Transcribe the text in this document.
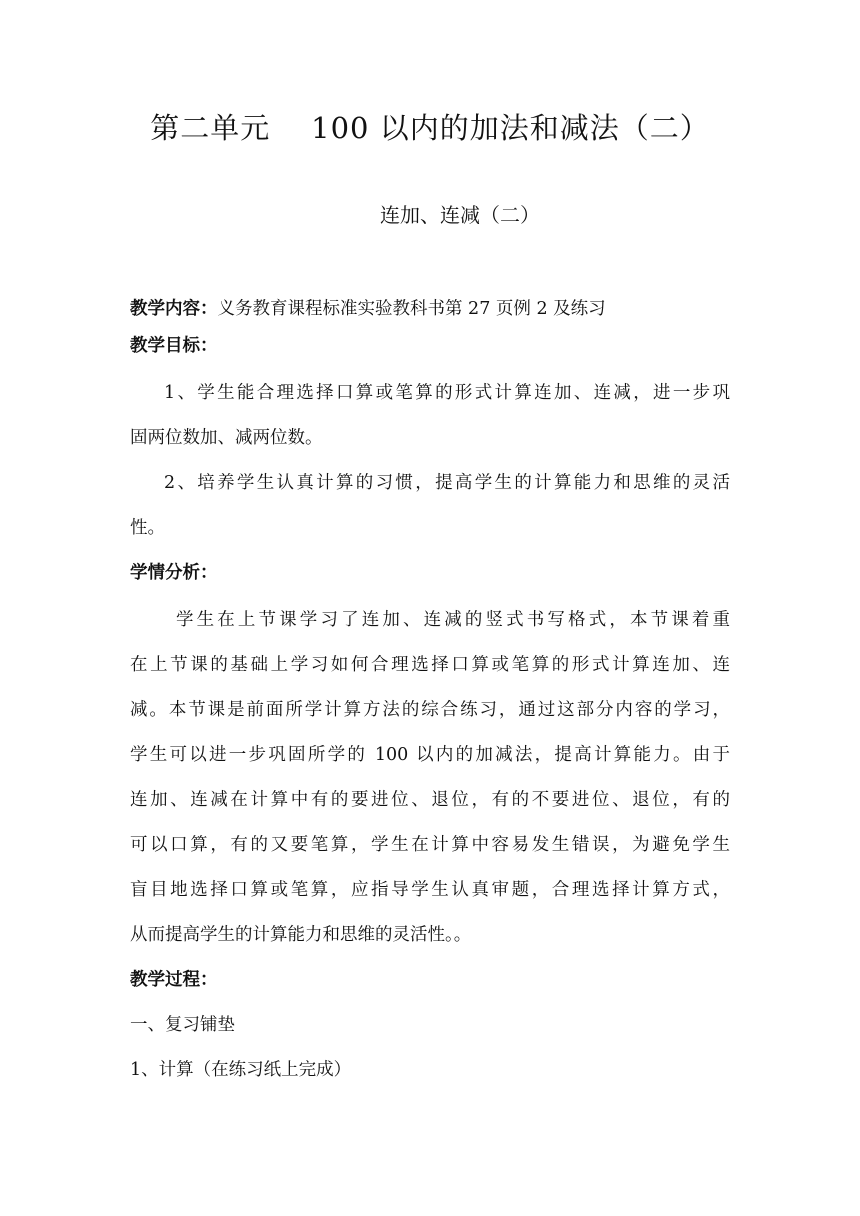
第二单元    100 以内的加法和减法（二）
连加、连减（二）
教学内容：义务教育课程标准实验教科书第 27 页例 2 及练习
教学目标：
1、学生能合理选择口算或笔算的形式计算连加、连减，进一步巩
固两位数加、减两位数。
2、培养学生认真计算的习惯，提高学生的计算能力和思维的灵活
性。
学情分析：
学生在上节课学习了连加、连减的竖式书写格式，本节课着重
在上节课的基础上学习如何合理选择口算或笔算的形式计算连加、连
减。本节课是前面所学计算方法的综合练习，通过这部分内容的学习，
学生可以进一步巩固所学的 100 以内的加减法，提高计算能力。由于
连加、连减在计算中有的要进位、退位，有的不要进位、退位，有的
可以口算，有的又要笔算，学生在计算中容易发生错误，为避免学生
盲目地选择口算或笔算，应指导学生认真审题，合理选择计算方式，
从而提高学生的计算能力和思维的灵活性。。
教学过程：
一、复习铺垫
1、计算（在练习纸上完成）
